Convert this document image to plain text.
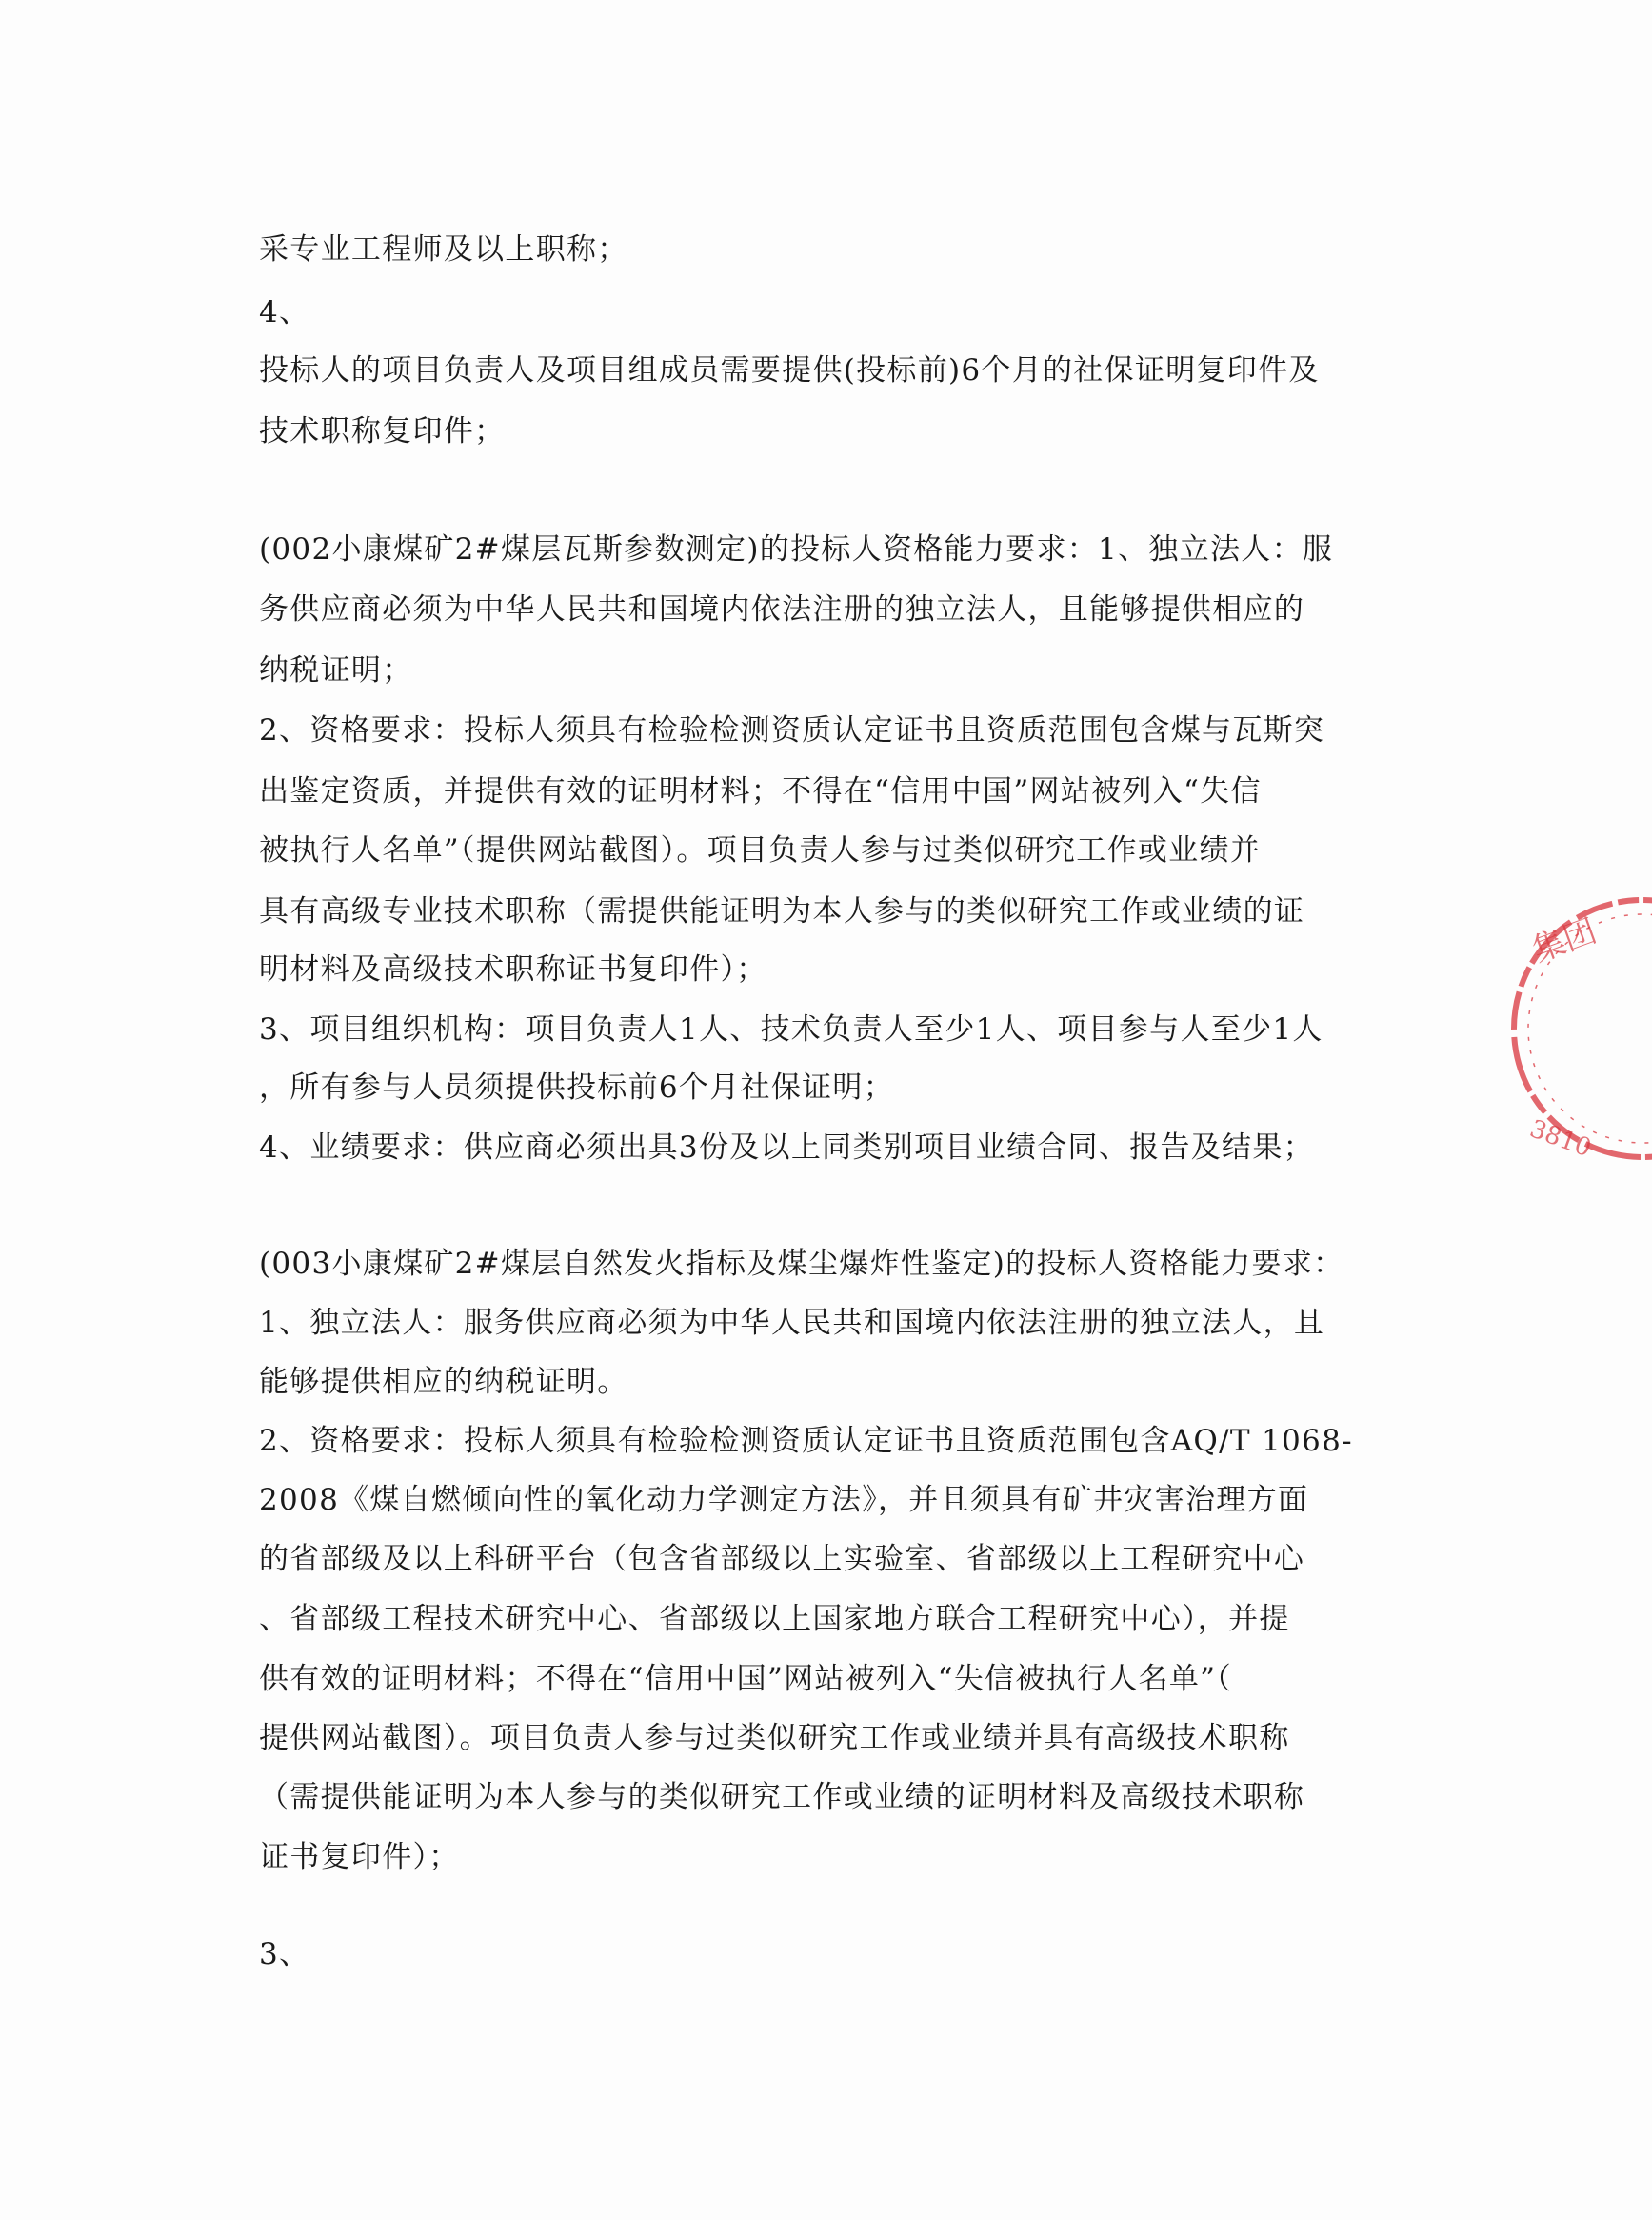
采专业工程师及以上职称；
4、
投标人的项目负责人及项目组成员需要提供(投标前)6个月的社保证明复印件及
技术职称复印件；
(002小康煤矿2#煤层瓦斯参数测定)的投标人资格能力要求：1、独立法人：服
务供应商必须为中华人民共和国境内依法注册的独立法人，且能够提供相应的
纳税证明；
2、资格要求：投标人须具有检验检测资质认定证书且资质范围包含煤与瓦斯突
出鉴定资质，并提供有效的证明材料；不得在“信用中国”网站被列入“失信
被执行人名单”（提供网站截图）。项目负责人参与过类似研究工作或业绩并
具有高级专业技术职称（需提供能证明为本人参与的类似研究工作或业绩的证
明材料及高级技术职称证书复印件）；
3、项目组织机构：项目负责人1人、技术负责人至少1人、项目参与人至少1人
，所有参与人员须提供投标前6个月社保证明；
4、业绩要求：供应商必须出具3份及以上同类别项目业绩合同、报告及结果；
(003小康煤矿2#煤层自然发火指标及煤尘爆炸性鉴定)的投标人资格能力要求：
1、独立法人：服务供应商必须为中华人民共和国境内依法注册的独立法人，且
能够提供相应的纳税证明。
2、资格要求：投标人须具有检验检测资质认定证书且资质范围包含AQ/T 1068-
2008《煤自燃倾向性的氧化动力学测定方法》，并且须具有矿井灾害治理方面
的省部级及以上科研平台（包含省部级以上实验室、省部级以上工程研究中心
、省部级工程技术研究中心、省部级以上国家地方联合工程研究中心），并提
供有效的证明材料；不得在“信用中国”网站被列入“失信被执行人名单”（
提供网站截图）。项目负责人参与过类似研究工作或业绩并具有高级技术职称
（需提供能证明为本人参与的类似研究工作或业绩的证明材料及高级技术职称
证书复印件）；
3、
集团
3810
